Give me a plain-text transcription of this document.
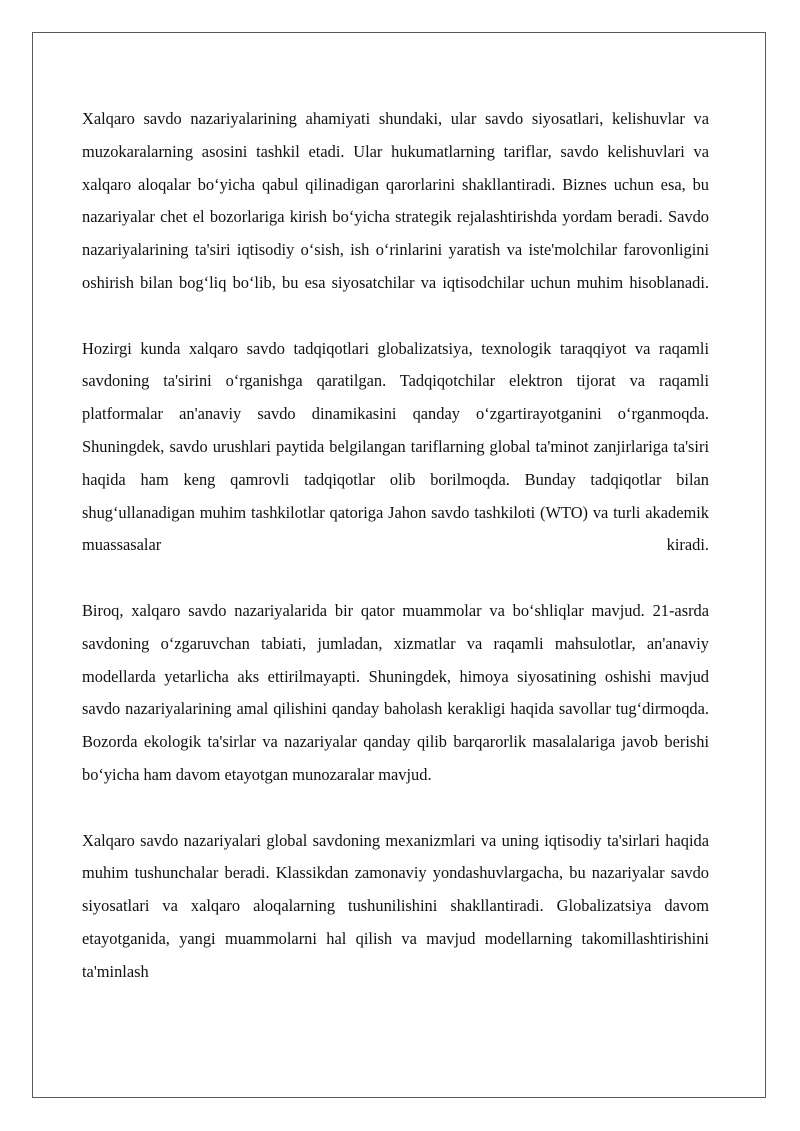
Xalqaro savdo nazariyalarining ahamiyati shundaki, ular savdo siyosatlari, kelishuvlar va muzokaralarning asosini tashkil etadi. Ular hukumatlarning tariflar, savdo kelishuvlari va xalqaro aloqalar bo‘yicha qabul qilinadigan qarorlarini shakllantiradi. Biznes uchun esa, bu nazariyalar chet el bozorlariga kirish bo‘yicha strategik rejalashtirishda yordam beradi. Savdo nazariyalarining ta'siri iqtisodiy o‘sish, ish o‘rinlarini yaratish va iste'molchilar farovonligini oshirish bilan bog‘liq bo‘lib, bu esa siyosatchilar va iqtisodchilar uchun muhim hisoblanadi.

Hozirgi kunda xalqaro savdo tadqiqotlari globalizatsiya, texnologik taraqqiyot va raqamli savdoning ta'sirini o‘rganishga qaratilgan. Tadqiqotchilar elektron tijorat va raqamli platformalar an'anaviy savdo dinamikasini qanday o‘zgartirayotganini o‘rganmoqda. Shuningdek, savdo urushlari paytida belgilangan tariflarning global ta'minot zanjirlariga ta'siri haqida ham keng qamrovli tadqiqotlar olib borilmoqda. Bunday tadqiqotlar bilan shug‘ullanadigan muhim tashkilotlar qatoriga Jahon savdo tashkiloti (WTO) va turli akademik muassasalar kiradi.

Biroq, xalqaro savdo nazariyalarida bir qator muammolar va bo‘shliqlar mavjud. 21-asrda savdoning o‘zgaruvchan tabiati, jumladan, xizmatlar va raqamli mahsulotlar, an'anaviy modellarda yetarlicha aks ettirilmayapti. Shuningdek, himoya siyosatining oshishi mavjud savdo nazariyalarining amal qilishini qanday baholash kerakligi haqida savollar tug‘dirmoqda. Bozorda ekologik ta'sirlar va nazariyalar qanday qilib barqarorlik masalalariga javob berishi bo‘yicha ham davom etayotgan munozaralar mavjud.

Xalqaro savdo nazariyalari global savdoning mexanizmlari va uning iqtisodiy ta'sirlari haqida muhim tushunchalar beradi. Klassikdan zamonaviy yondashuvlargacha, bu nazariyalar savdo siyosatlari va xalqaro aloqalarning tushunilishini shakllantiradi. Globalizatsiya davom etayotganida, yangi muammolarni hal qilish va mavjud modellarning takomillashtirishini ta'minlash
